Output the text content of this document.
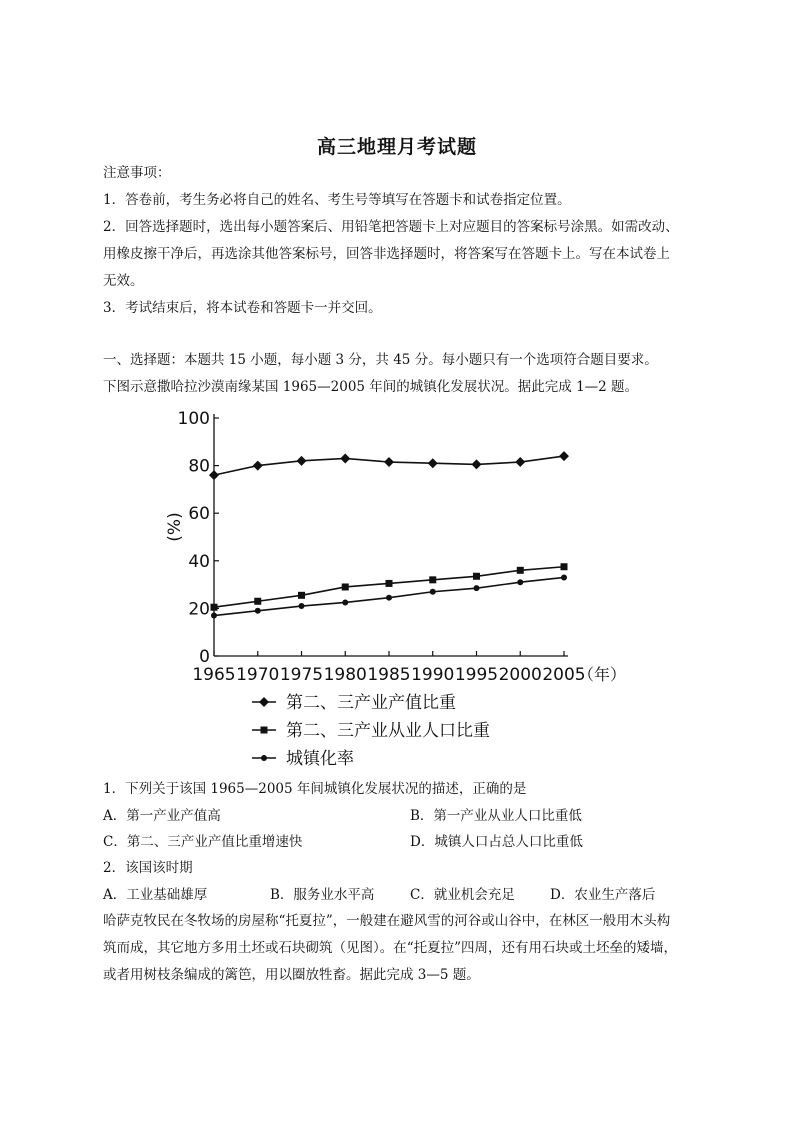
高三地理月考试题
注意事项：
1．答卷前，考生务必将自己的姓名、考生号等填写在答题卡和试卷指定位置。
2．回答选择题时，选出每小题答案后、用铅笔把答题卡上对应题目的答案标号涂黑。如需改动、
用橡皮擦干净后，再选涂其他答案标号，回答非选择题时，将答案写在答题卡上。写在本试卷上
无效。
3．考试结束后，将本试卷和答题卡一并交回。
一、选择题：本题共 15 小题，每小题 3 分，共 45 分。每小题只有一个选项符合题目要求。
下图示意撒哈拉沙漠南缘某国 1965—2005 年间的城镇化发展状况。据此完成 1—2 题。
0
20
40
60
80
100
1965 1970 1975 1980 1985 1990 1995 2000 2005
(%)
（年）
第二、三产业产值比重
第二、三产业从业人口比重
城镇化率
1．下列关于该国 1965—2005 年间城镇化发展状况的描述，正确的是
A．第一产业产值高	B．第一产业从业人口比重低
C．第二、三产业产值比重增速快	D．城镇人口占总人口比重低
2．该国该时期
A．工业基础雄厚	B．服务业水平高	C．就业机会充足	D．农业生产落后
哈萨克牧民在冬牧场的房屋称“托夏拉”，一般建在避风雪的河谷或山谷中，在林区一般用木头构
筑而成，其它地方多用土坯或石块砌筑（见图）。在“托夏拉”四周，还有用石块或土坯垒的矮墙，
或者用树枝条编成的篱笆，用以圈放牲畜。据此完成 3—5 题。
